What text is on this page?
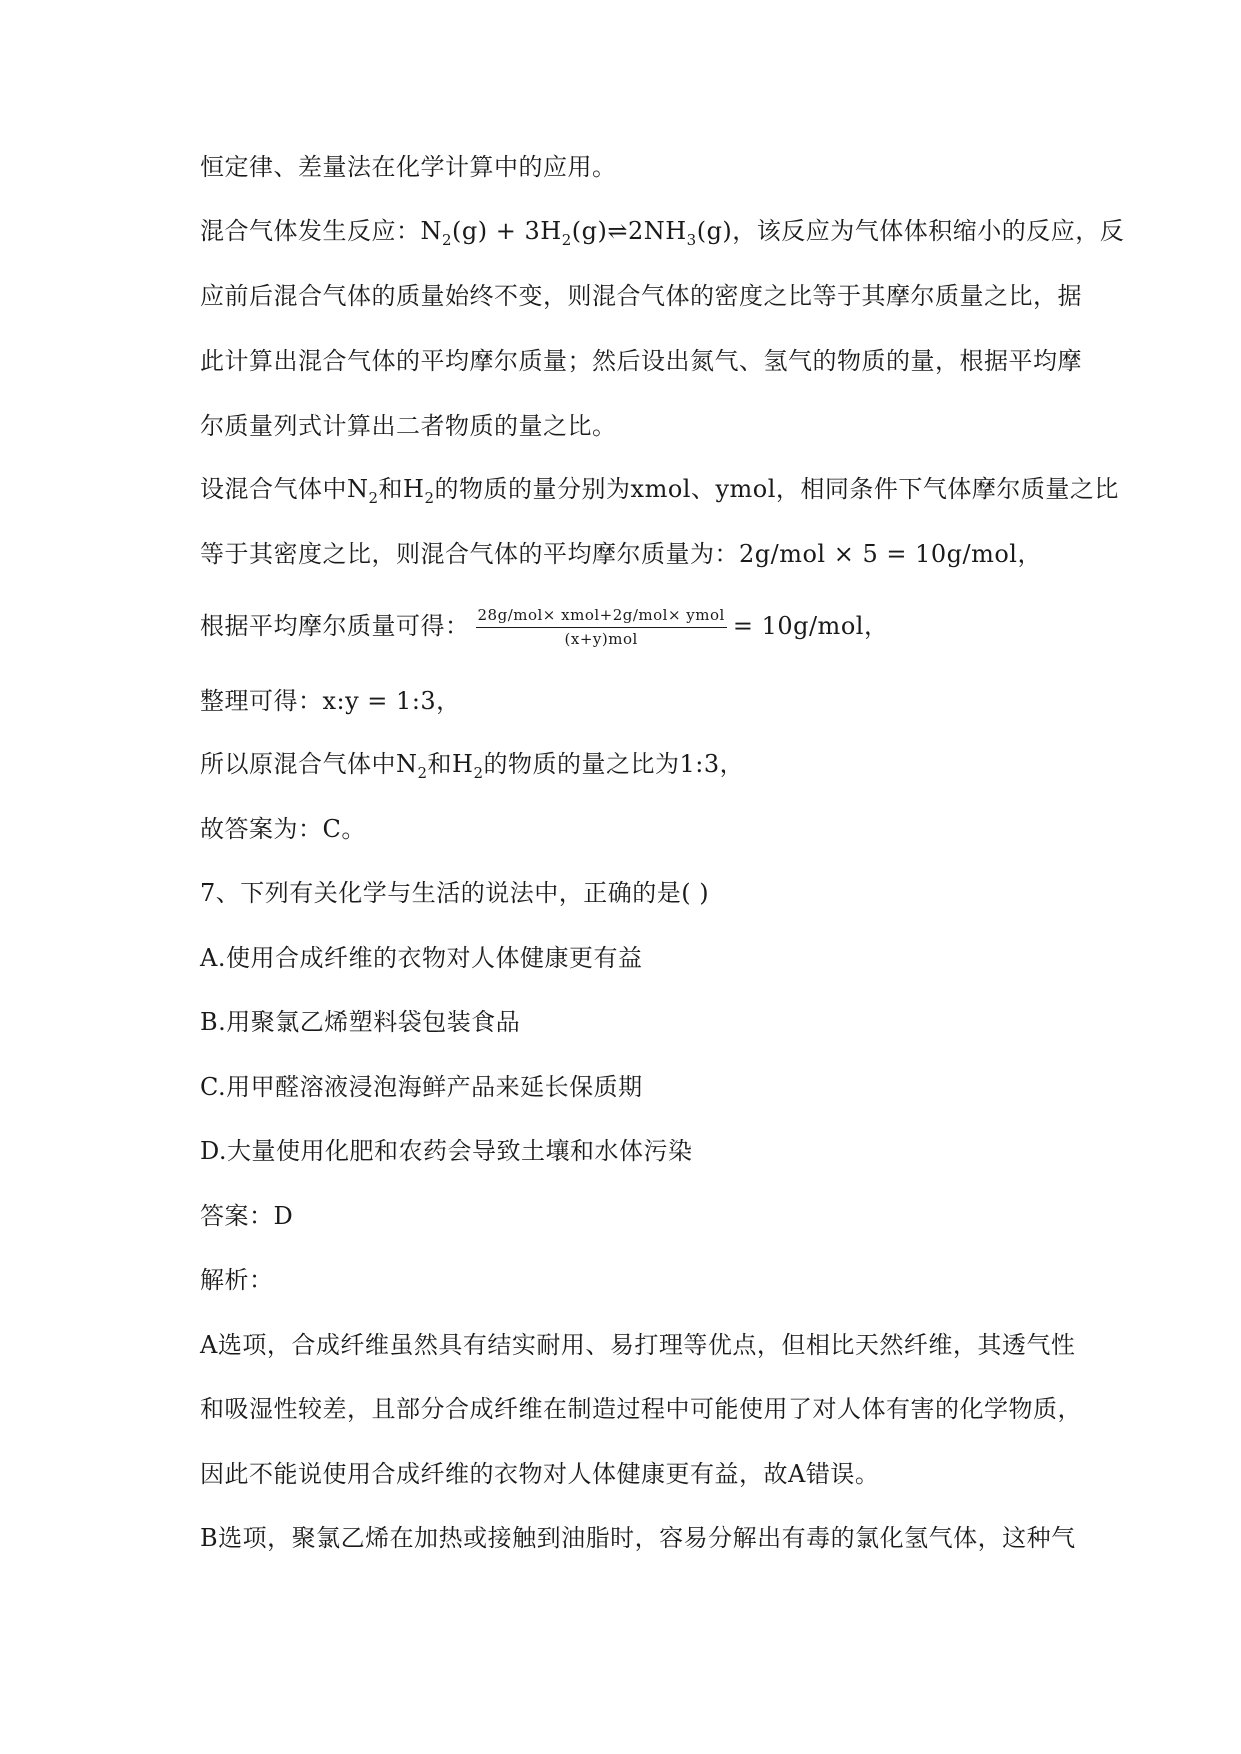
恒定律、差量法在化学计算中的应用。
混合气体发生反应：$N_2(g)$ + $3H_2(g)\rightleftharpoons 2NH_3(g)$，该反应为气体体积缩小的反应，反
应前后混合气体的质量始终不变，则混合气体的密度之比等于其摩尔质量之比，据
此计算出混合气体的平均摩尔质量；然后设出氮气、氢气的物质的量，根据平均摩
尔质量列式计算出二者物质的量之比。
设混合气体中$N_2$和$H_2$的物质的量分别为xmol、ymol，相同条件下气体摩尔质量之比
等于其密度之比，则混合气体的平均摩尔质量为：2g/mol × 5 = 10g/mol，
根据平均摩尔质量可得： $\frac{\text{28g/mol× xmol+2g/mol× ymol}}{\text{(x+y)mol}} = 10g/mol$，
整理可得：x:y = 1:3，
所以原混合气体中$N_2$和$H_2$的物质的量之比为1:3，
故答案为：C。
7、下列有关化学与生活的说法中，正确的是( )
A.使用合成纤维的衣物对人体健康更有益
B.用聚氯乙烯塑料袋包装食品
C.用甲醛溶液浸泡海鲜产品来延长保质期
D.大量使用化肥和农药会导致土壤和水体污染
答案：D
解析：
A选项，合成纤维虽然具有结实耐用、易打理等优点，但相比天然纤维，其透气性
和吸湿性较差，且部分合成纤维在制造过程中可能使用了对人体有害的化学物质，
因此不能说使用合成纤维的衣物对人体健康更有益，故A错误。
B选项，聚氯乙烯在加热或接触到油脂时，容易分解出有毒的氯化氢气体，这种气
